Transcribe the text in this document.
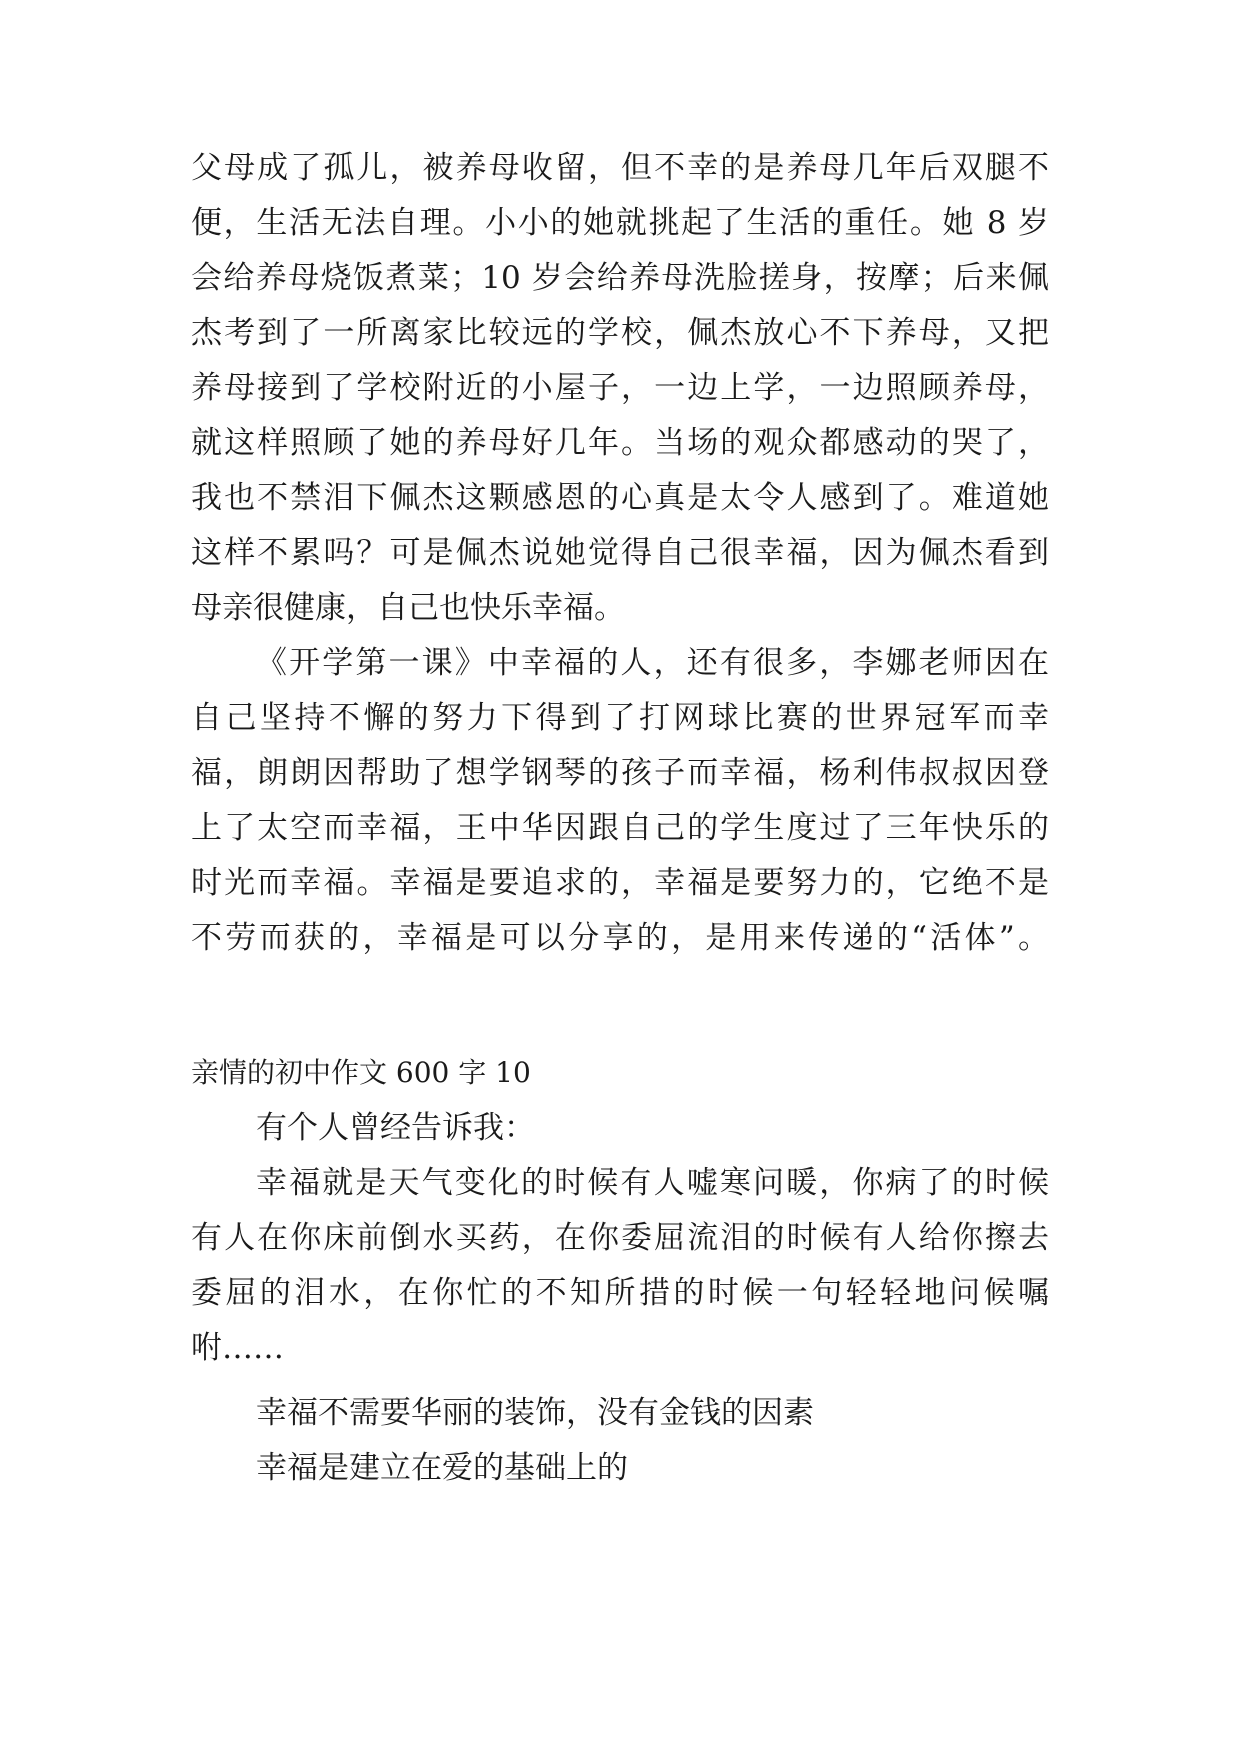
父母成了孤儿，被养母收留，但不幸的是养母几年后双腿不
便，生活无法自理。小小的她就挑起了生活的重任。她 8 岁
会给养母烧饭煮菜；10 岁会给养母洗脸搓身，按摩；后来佩
杰考到了一所离家比较远的学校，佩杰放心不下养母，又把
养母接到了学校附近的小屋子，一边上学，一边照顾养母，
就这样照顾了她的养母好几年。当场的观众都感动的哭了，
我也不禁泪下佩杰这颗感恩的心真是太令人感到了。难道她
这样不累吗？可是佩杰说她觉得自己很幸福，因为佩杰看到
母亲很健康，自己也快乐幸福。
《开学第一课》中幸福的人，还有很多，李娜老师因在
自己坚持不懈的努力下得到了打网球比赛的世界冠军而幸
福，朗朗因帮助了想学钢琴的孩子而幸福，杨利伟叔叔因登
上了太空而幸福，王中华因跟自己的学生度过了三年快乐的
时光而幸福。幸福是要追求的，幸福是要努力的，它绝不是
不劳而获的，幸福是可以分享的，是用来传递的“活体”。
亲情的初中作文 600 字 10
有个人曾经告诉我：
幸福就是天气变化的时候有人嘘寒问暖，你病了的时候
有人在你床前倒水买药，在你委屈流泪的时候有人给你擦去
委屈的泪水，在你忙的不知所措的时候一句轻轻地问候嘱
咐……
幸福不需要华丽的装饰，没有金钱的因素
幸福是建立在爱的基础上的
